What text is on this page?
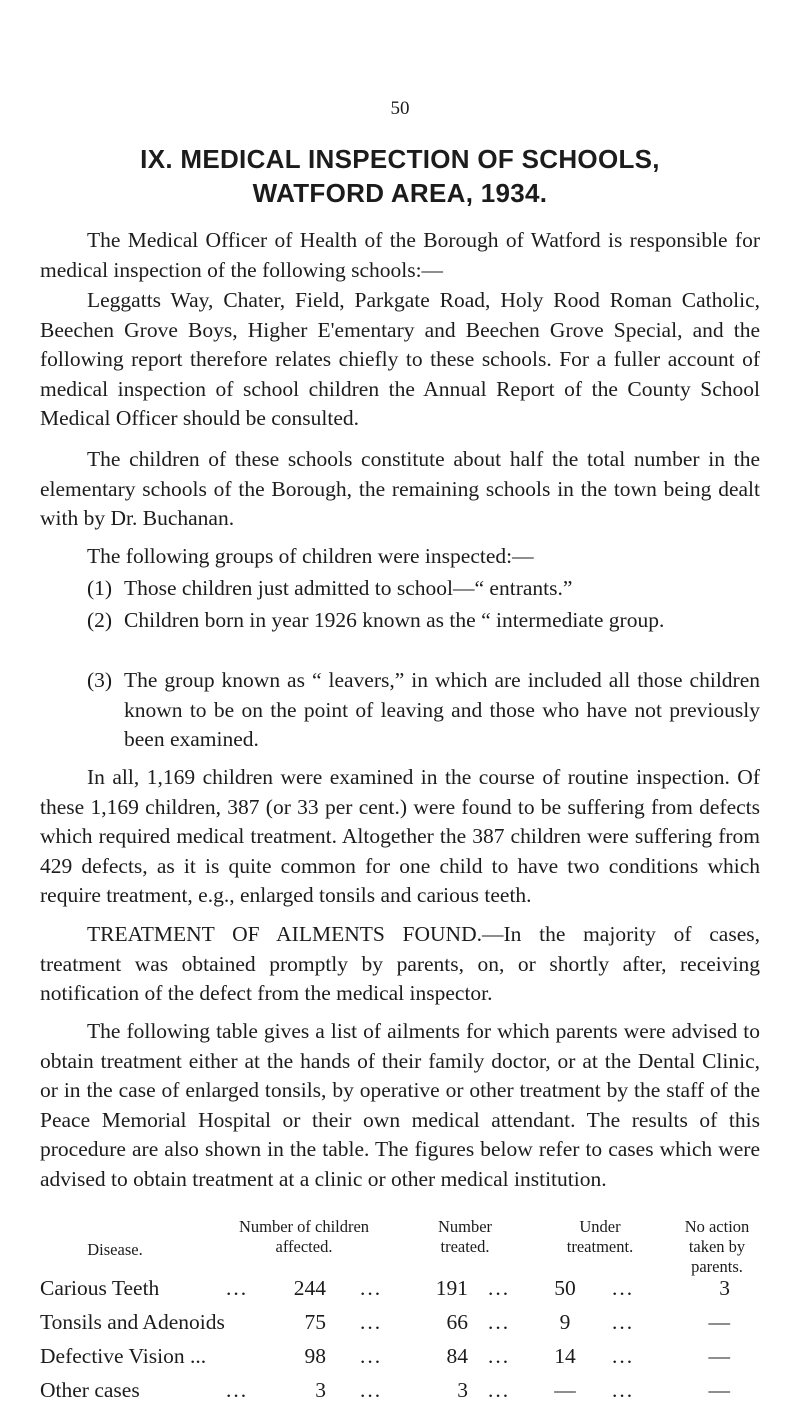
50
IX. MEDICAL INSPECTION OF SCHOOLS,
WATFORD AREA, 1934.

The Medical Officer of Health of the Borough of Watford is responsible for medical inspection of the following schools:—

Leggatts Way, Chater, Field, Parkgate Road, Holy Rood Roman Catholic, Beechen Grove Boys, Higher E'ementary and Beechen Grove Special, and the following report therefore relates chiefly to these schools. For a fuller account of medical inspection of school children the Annual Report of the County School Medical Officer should be consulted.

The children of these schools constitute about half the total number in the elementary schools of the Borough, the remaining schools in the town being dealt with by Dr. Buchanan.

The following groups of children were inspected:—

(1) Those children just admitted to school—“ entrants.”
(2) Children born in year 1926 known as the “ intermediate group.
(3) The group known as “ leavers,” in which are included all those children known to be on the point of leaving and those who have not previously been examined.

In all, 1,169 children were examined in the course of routine inspection. Of these 1,169 children, 387 (or 33 per cent.) were found to be suffering from defects which required medical treatment. Altogether the 387 children were suffering from 429 defects, as it is quite common for one child to have two conditions which require treatment, e.g., enlarged tonsils and carious teeth.

TREATMENT OF AILMENTS FOUND.—In the majority of cases, treatment was obtained promptly by parents, on, or shortly after, receiving notification of the defect from the medical inspector.

The following table gives a list of ailments for which parents were advised to obtain treatment either at the hands of their family doctor, or at the Dental Clinic, or in the case of enlarged tonsils, by operative or other treatment by the staff of the Peace Memorial Hospital or their own medical attendant. The results of this procedure are also shown in the table. The figures below refer to cases which were advised to obtain treatment at a clinic or other medical institution.

Disease.
Number of children affected.
Number treated.
Under treatment.
No action taken by parents.
Carious Teeth	...	244 ...	191 ...	50	...	3
Tonsils and Adenoids	75 ...	66 ...	9	...	—
Defective Vision ...	98 ...	84 ...	14	...	—
Other cases	...	3 ...	3 ...	—	...	—
